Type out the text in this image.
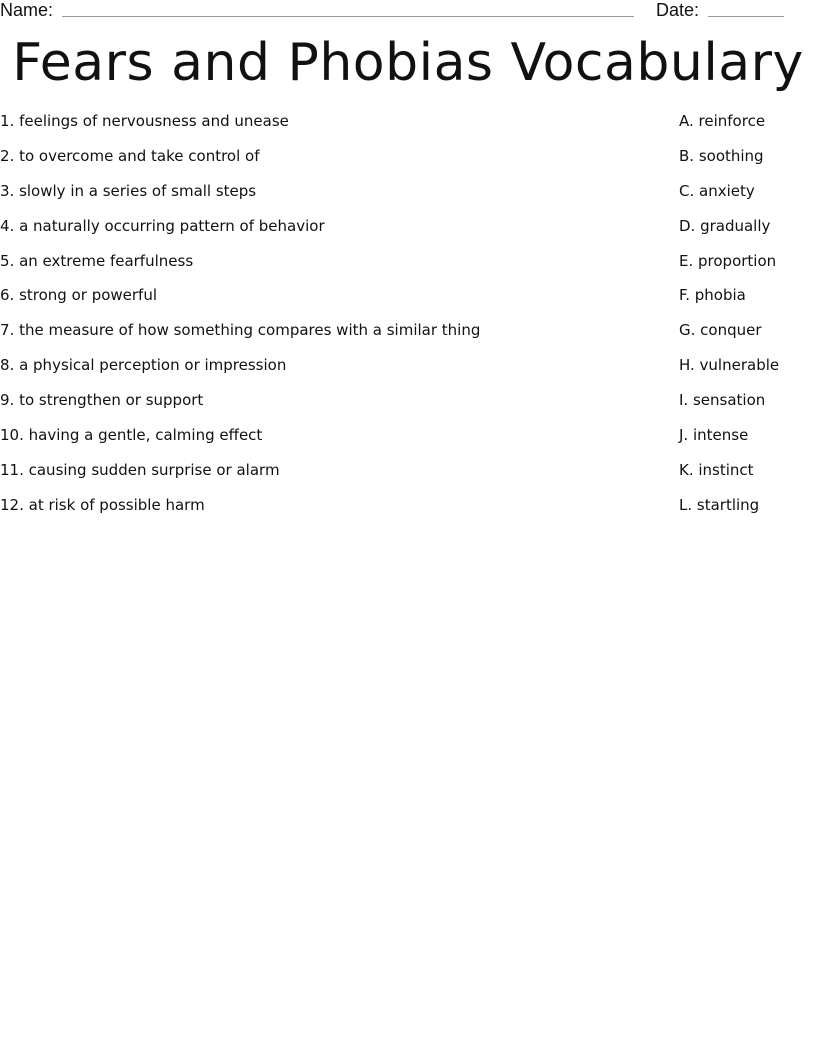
Name:	Date:
Fears and Phobias Vocabulary
1. feelings of nervousness and unease	A. reinforce
2. to overcome and take control of	B. soothing
3. slowly in a series of small steps	C. anxiety
4. a naturally occurring pattern of behavior	D. gradually
5. an extreme fearfulness	E. proportion
6. strong or powerful	F. phobia
7. the measure of how something compares with a similar thing	G. conquer
8. a physical perception or impression	H. vulnerable
9. to strengthen or support	I. sensation
10. having a gentle, calming effect	J. intense
11. causing sudden surprise or alarm	K. instinct
12. at risk of possible harm	L. startling
